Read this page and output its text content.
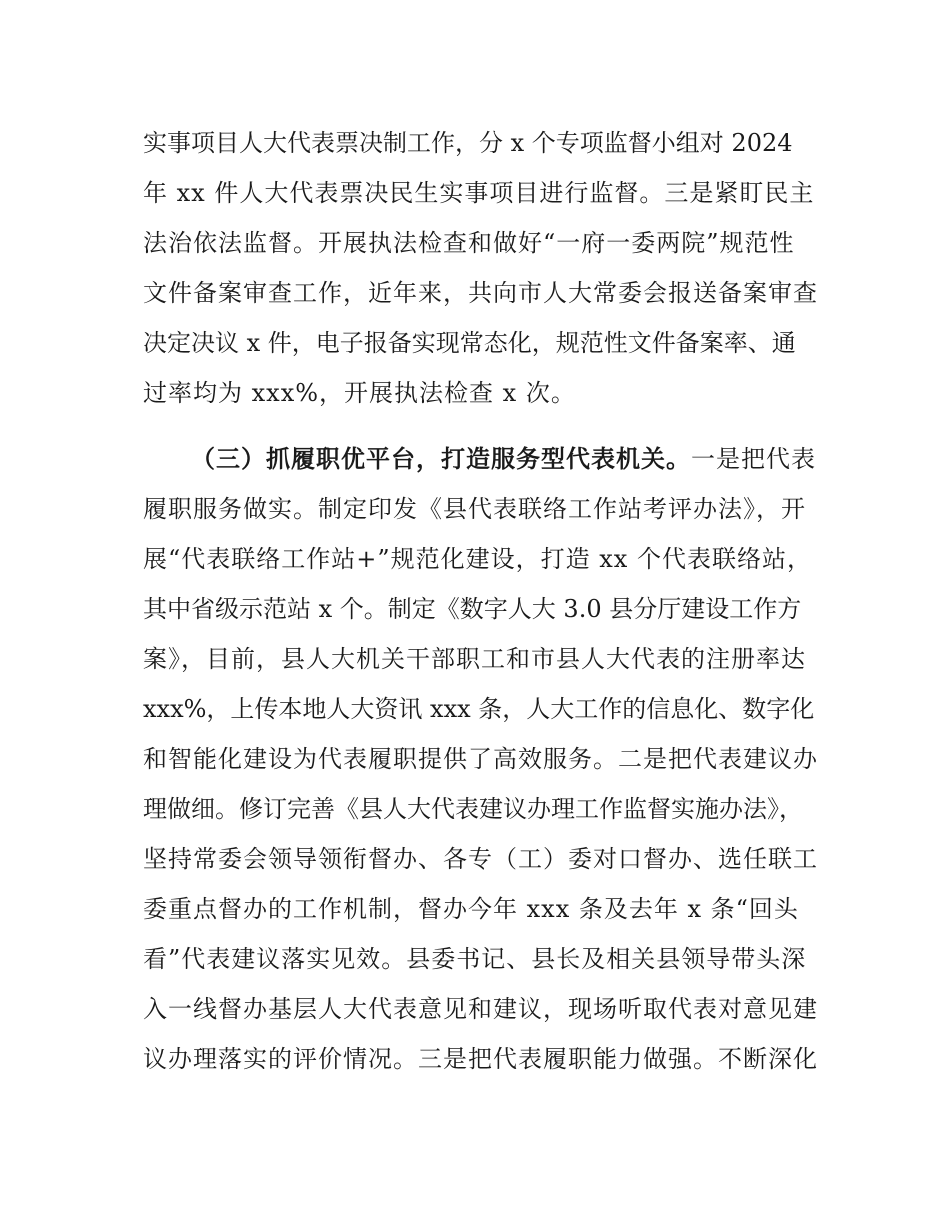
实事项目人大代表票决制工作，分 x 个专项监督小组对 2024
年 xx 件人大代表票决民生实事项目进行监督。三是紧盯民主
法治依法监督。开展执法检查和做好“一府一委两院”规范性
文件备案审查工作，近年来，共向市人大常委会报送备案审查
决定决议 x 件，电子报备实现常态化，规范性文件备案率、通
过率均为 xxx%，开展执法检查 x 次。
（三）抓履职优平台，打造服务型代表机关。一是把代表
履职服务做实。制定印发《县代表联络工作站考评办法》，开
展“代表联络工作站+”规范化建设，打造 xx 个代表联络站，
其中省级示范站 x 个。制定《数字人大 3.0 县分厅建设工作方
案》，目前，县人大机关干部职工和市县人大代表的注册率达
xxx%，上传本地人大资讯 xxx 条，人大工作的信息化、数字化
和智能化建设为代表履职提供了高效服务。二是把代表建议办
理做细。修订完善《县人大代表建议办理工作监督实施办法》，
坚持常委会领导领衔督办、各专（工）委对口督办、选任联工
委重点督办的工作机制，督办今年 xxx 条及去年 x 条“回头
看”代表建议落实见效。县委书记、县长及相关县领导带头深
入一线督办基层人大代表意见和建议，现场听取代表对意见建
议办理落实的评价情况。三是把代表履职能力做强。不断深化
